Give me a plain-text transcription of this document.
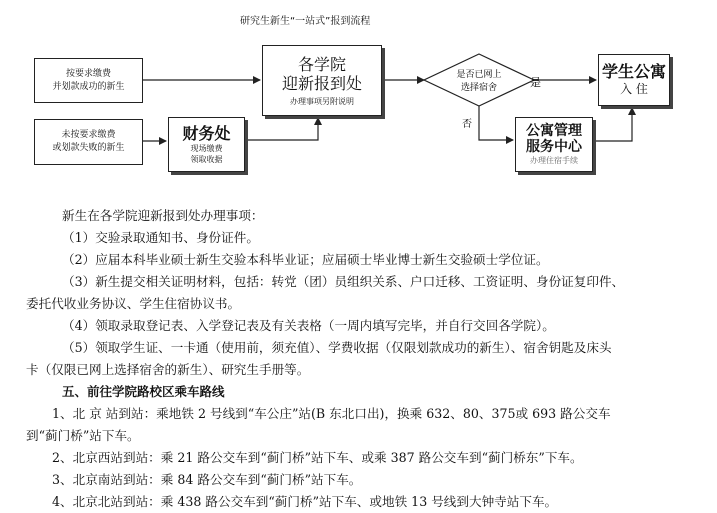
研究生新生“一站式”报到流程
是否已网上
选择宿舍	是
否
按要求缴费
并划款成功的新生
未按要求缴费
或划款失败的新生
财务处
现场缴费
领取收据
各学院
迎新报到处
办理事项另附说明
学生公寓
入 住
公寓管理
服务中心
办理住宿手续

新生在各学院迎新报到处办理事项：

（1）交验录取通知书、身份证件。

（2）应届本科毕业硕士新生交验本科毕业证；应届硕士毕业博士新生交验硕士学位证。

（3）新生提交相关证明材料，包括：转党（团）员组织关系、户口迁移、工资证明、身份证复印件、

委托代收业务协议、学生住宿协议书。

（4）领取录取登记表、入学登记表及有关表格（一周内填写完毕，并自行交回各学院）。

（5）领取学生证、一卡通（使用前，须充值）、学费收据（仅限划款成功的新生）、宿舍钥匙及床头

卡（仅限已网上选择宿舍的新生）、研究生手册等。

五、前往学院路校区乘车路线

1、北 京 站到站：乘地铁 2 号线到“车公庄”站(B 东北口出)，换乘 632、80、375或 693 路公交车

到“蓟门桥”站下车。

2、北京西站到站：乘 21 路公交车到“蓟门桥”站下车、或乘 387 路公交车到“蓟门桥东”下车。

3、北京南站到站：乘 84 路公交车到“蓟门桥”站下车。

4、北京北站到站：乘 438 路公交车到“蓟门桥”站下车、或地铁 13 号线到大钟寺站下车。
